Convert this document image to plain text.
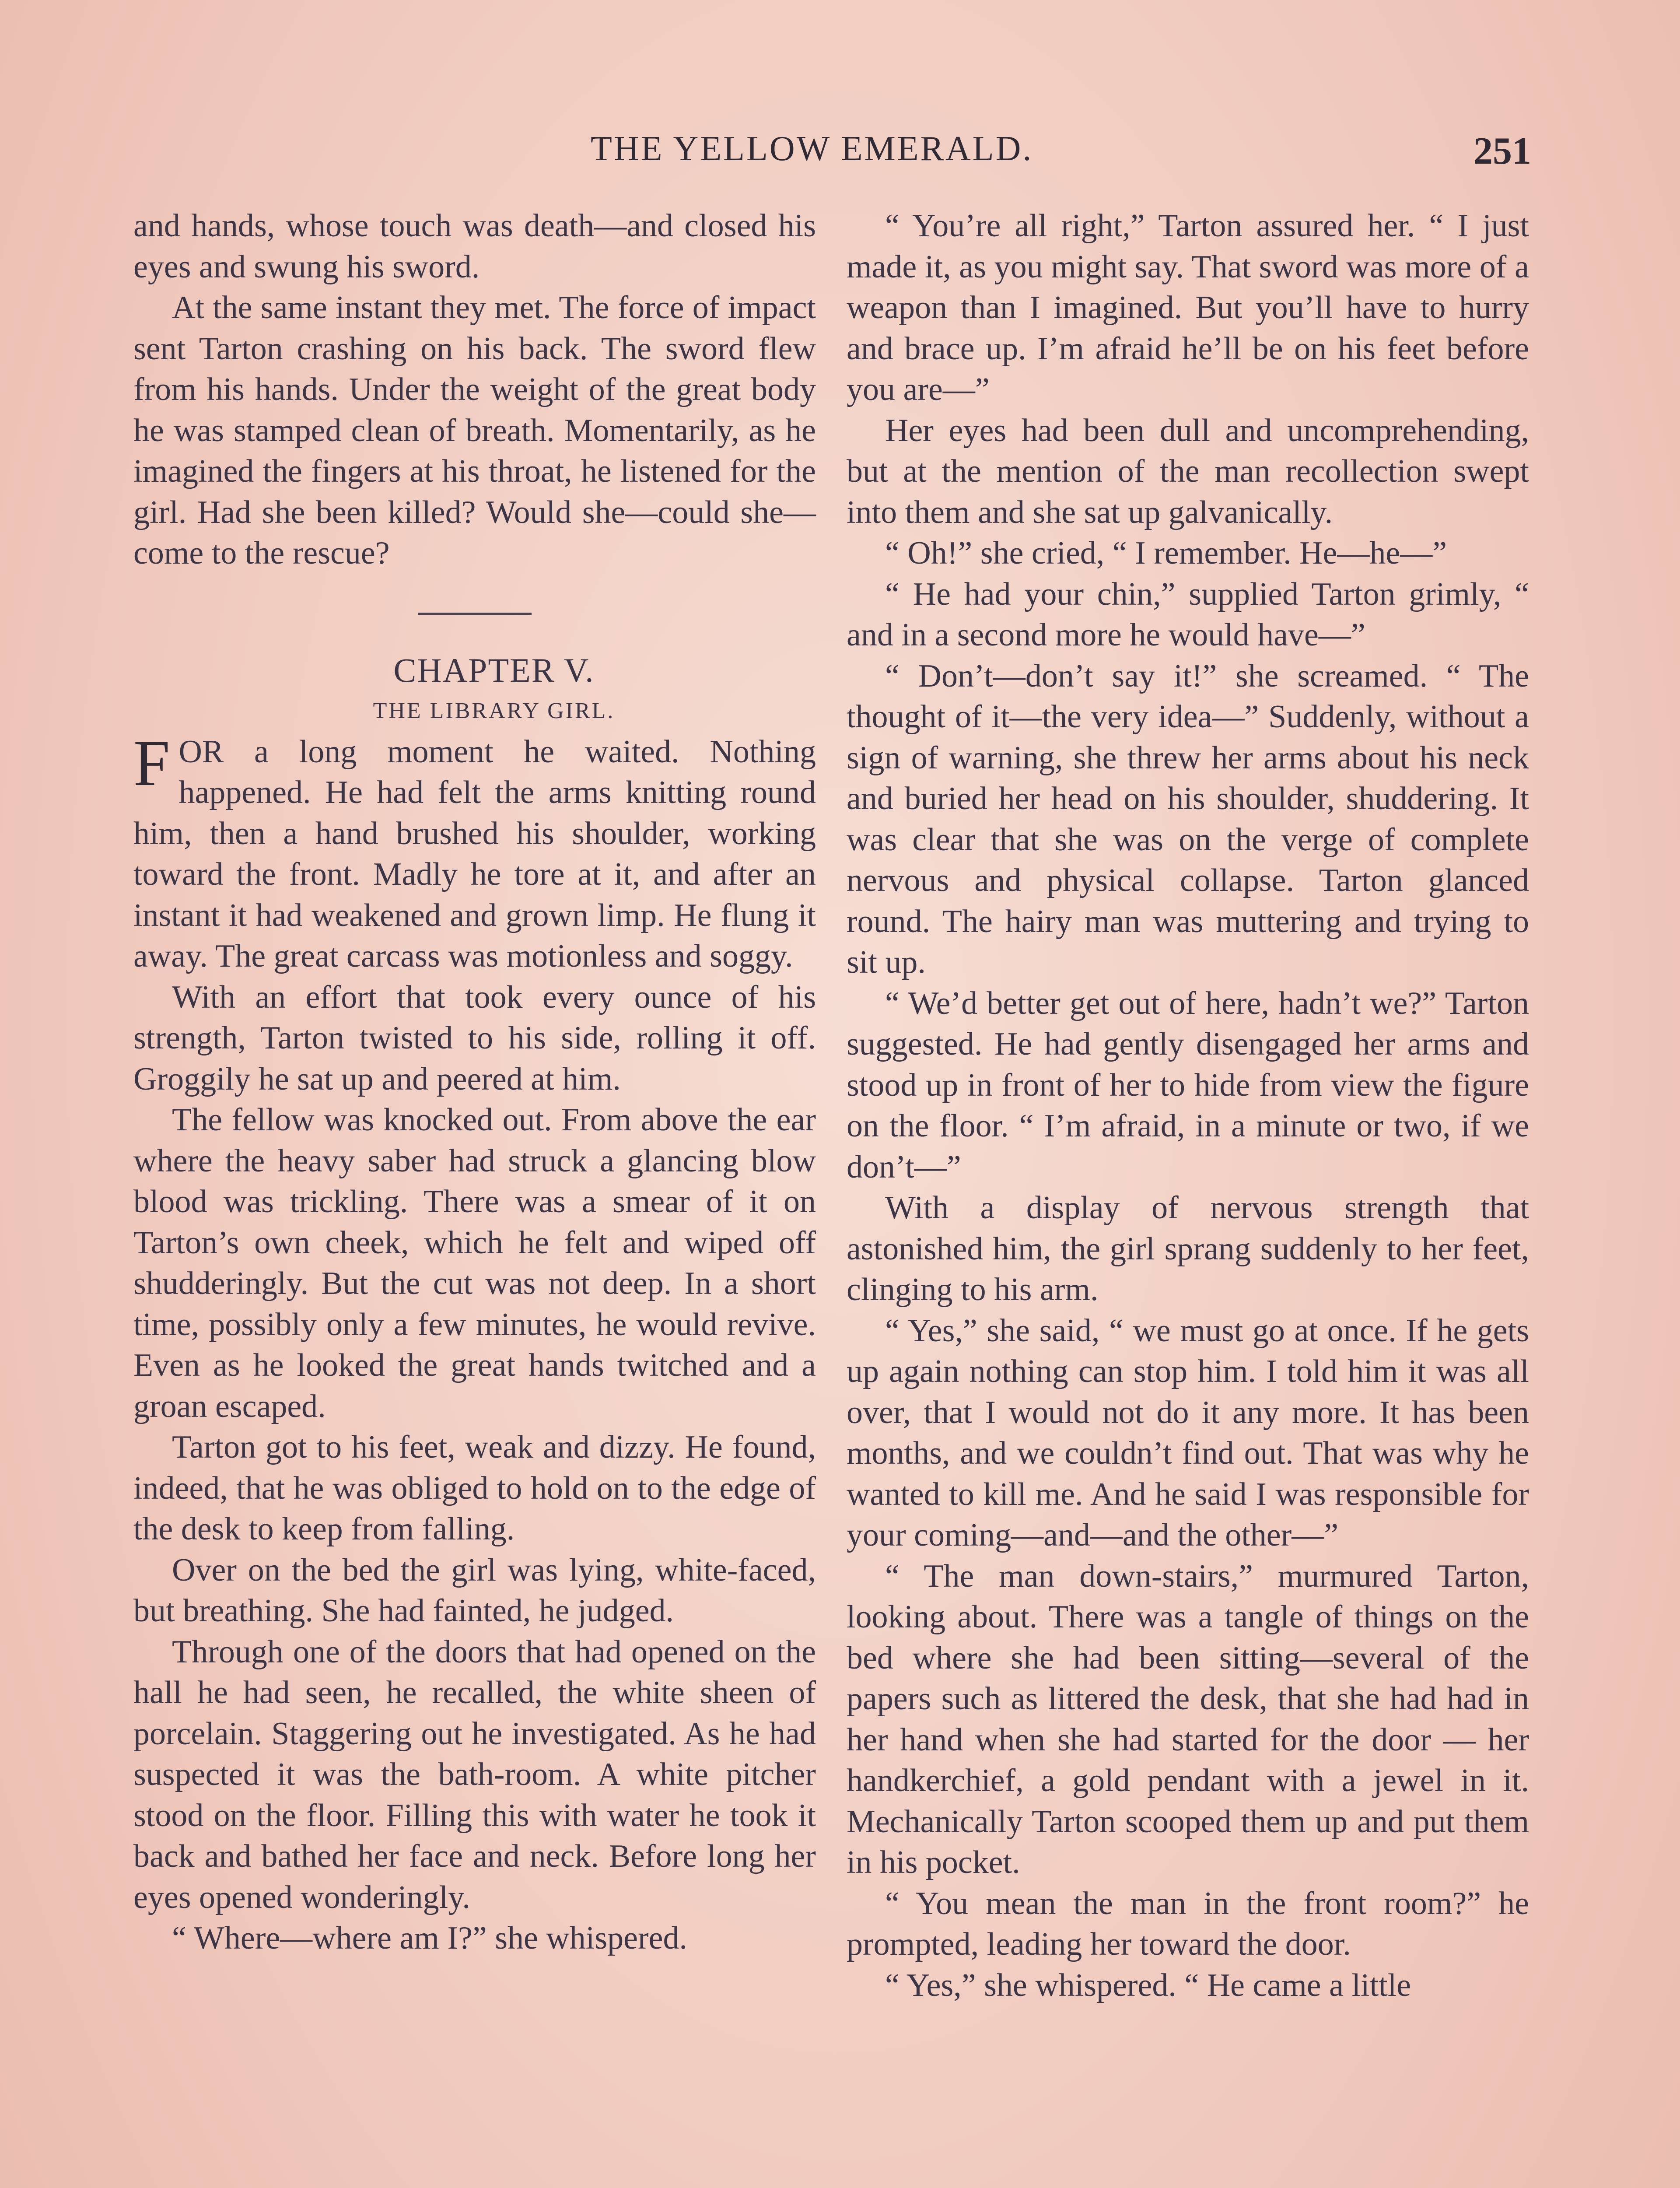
THE YELLOW EMERALD.	251

and hands, whose touch was death—and closed his eyes and swung his sword.

At the same instant they met. The force of impact sent Tarton crashing on his back. The sword flew from his hands. Under the weight of the great body he was stamped clean of breath. Momentarily, as he imagined the fingers at his throat, he listened for the girl. Had she been killed? Would she—could she—come to the rescue?

CHAPTER V.

THE LIBRARY GIRL.

FOR a long moment he waited. Nothing happened. He had felt the arms knitting round him, then a hand brushed his shoulder, working toward the front. Madly he tore at it, and after an instant it had weakened and grown limp. He flung it away. The great carcass was motionless and soggy.

With an effort that took every ounce of his strength, Tarton twisted to his side, rolling it off. Groggily he sat up and peered at him.

The fellow was knocked out. From above the ear where the heavy saber had struck a glancing blow blood was trickling. There was a smear of it on Tarton’s own cheek, which he felt and wiped off shudderingly. But the cut was not deep. In a short time, possibly only a few minutes, he would revive. Even as he looked the great hands twitched and a groan escaped.

Tarton got to his feet, weak and dizzy. He found, indeed, that he was obliged to hold on to the edge of the desk to keep from falling.

Over on the bed the girl was lying, white-faced, but breathing. She had fainted, he judged.

Through one of the doors that had opened on the hall he had seen, he recalled, the white sheen of porcelain. Staggering out he investigated. As he had suspected it was the bath-room. A white pitcher stood on the floor. Filling this with water he took it back and bathed her face and neck. Before long her eyes opened wonderingly.

“ Where—where am I?” she whispered.

“ You’re all right,” Tarton assured her. “ I just made it, as you might say. That sword was more of a weapon than I imagined. But you’ll have to hurry and brace up. I’m afraid he’ll be on his feet before you are—”

Her eyes had been dull and uncomprehending, but at the mention of the man recollection swept into them and she sat up galvanically.

“ Oh!” she cried, “ I remember. He—he—”

“ He had your chin,” supplied Tarton grimly, “ and in a second more he would have—”

“ Don’t—don’t say it!” she screamed. “ The thought of it—the very idea—” Suddenly, without a sign of warning, she threw her arms about his neck and buried her head on his shoulder, shuddering. It was clear that she was on the verge of complete nervous and physical collapse. Tarton glanced round. The hairy man was muttering and trying to sit up.

“ We’d better get out of here, hadn’t we?” Tarton suggested. He had gently disengaged her arms and stood up in front of her to hide from view the figure on the floor. “ I’m afraid, in a minute or two, if we don’t—”

With a display of nervous strength that astonished him, the girl sprang suddenly to her feet, clinging to his arm.

“ Yes,” she said, “ we must go at once. If he gets up again nothing can stop him. I told him it was all over, that I would not do it any more. It has been months, and we couldn’t find out. That was why he wanted to kill me. And he said I was responsible for your coming—and—and the other—”

“ The man down-stairs,” murmured Tarton, looking about. There was a tangle of things on the bed where she had been sitting—several of the papers such as littered the desk, that she had had in her hand when she had started for the door — her handkerchief, a gold pendant with a jewel in it. Mechanically Tarton scooped them up and put them in his pocket.

“ You mean the man in the front room?” he prompted, leading her toward the door.

“ Yes,” she whispered. “ He came a little
